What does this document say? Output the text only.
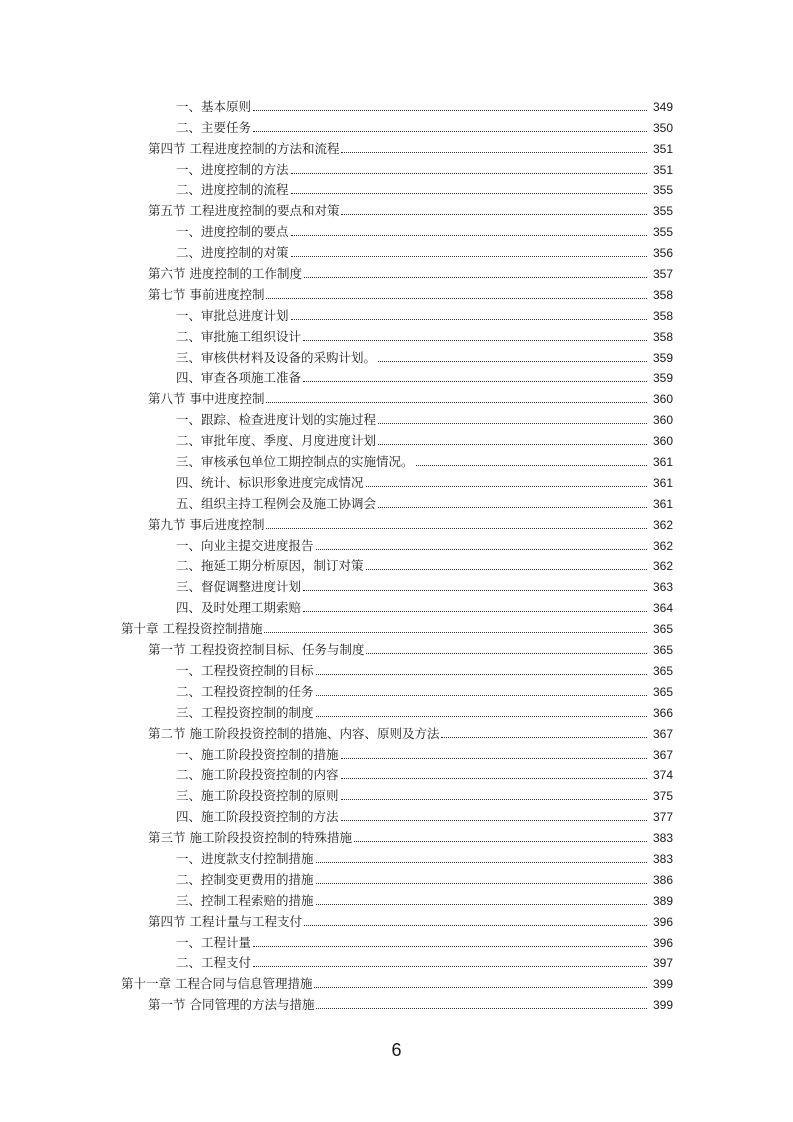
一、基本原则	349
二、主要任务	350
第四节 工程进度控制的方法和流程	351
一、进度控制的方法	351
二、进度控制的流程	355
第五节 工程进度控制的要点和对策	355
一、进度控制的要点	355
二、进度控制的对策	356
第六节 进度控制的工作制度	357
第七节 事前进度控制	358
一、审批总进度计划	358
二、审批施工组织设计	358
三、审核供材料及设备的采购计划。	359
四、审查各项施工准备	359
第八节 事中进度控制	360
一、跟踪、检查进度计划的实施过程	360
二、审批年度、季度、月度进度计划	360
三、审核承包单位工期控制点的实施情况。	361
四、统计、标识形象进度完成情况	361
五、组织主持工程例会及施工协调会	361
第九节 事后进度控制	362
一、向业主提交进度报告	362
二、拖延工期分析原因，制订对策	362
三、督促调整进度计划	363
四、及时处理工期索赔	364
第十章 工程投资控制措施	365
第一节 工程投资控制目标、任务与制度	365
一、工程投资控制的目标	365
二、工程投资控制的任务	365
三、工程投资控制的制度	366
第二节 施工阶段投资控制的措施、内容、原则及方法	367
一、施工阶段投资控制的措施	367
二、施工阶段投资控制的内容	374
三、施工阶段投资控制的原则	375
四、施工阶段投资控制的方法	377
第三节 施工阶段投资控制的特殊措施	383
一、进度款支付控制措施	383
二、控制变更费用的措施	386
三、控制工程索赔的措施	389
第四节 工程计量与工程支付	396
一、工程计量	396
二、工程支付	397
第十一章 工程合同与信息管理措施	399
第一节 合同管理的方法与措施	399
6
